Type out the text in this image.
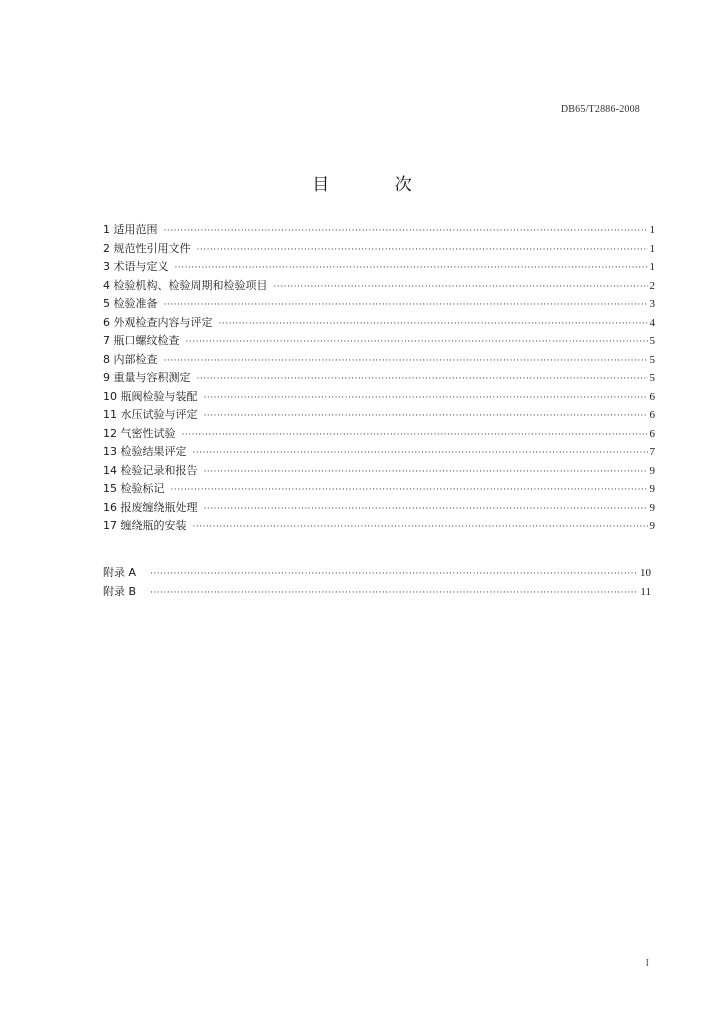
DB65/T2886-2008
目 次
1 适用范围 ·····	1
2 规范性引用文件 ·····	1
3 术语与定义 ·····	1
4 检验机构、检验周期和检验项目 ·····	2
5 检验准备 ·····	3
6 外观检查内容与评定 ·····	4
7 瓶口螺纹检查 ·····	5
8 内部检查 ·····	5
9 重量与容积测定 ·····	5
10 瓶阀检验与装配 ·····	6
11 水压试验与评定 ·····	6
12 气密性试验 ·····	6
13 检验结果评定 ·····	7
14 检验记录和报告 ·····	9
15 检验标记 ·····	9
16 报废缠绕瓶处理 ·····	9
17 缠绕瓶的安装 ·····	9
附录 A ·····	10
附录 B ·····	11
I
